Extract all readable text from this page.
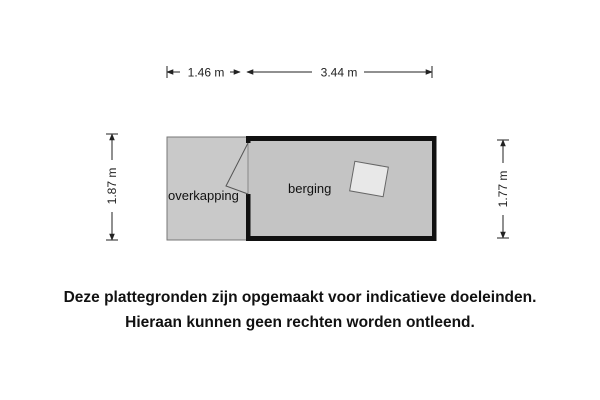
1.46 m	3.44 m
1.87 m	1.77 m
overkapping	berging
Deze plattegronden zijn opgemaakt voor indicatieve doeleinden.
Hieraan kunnen geen rechten worden ontleend.
